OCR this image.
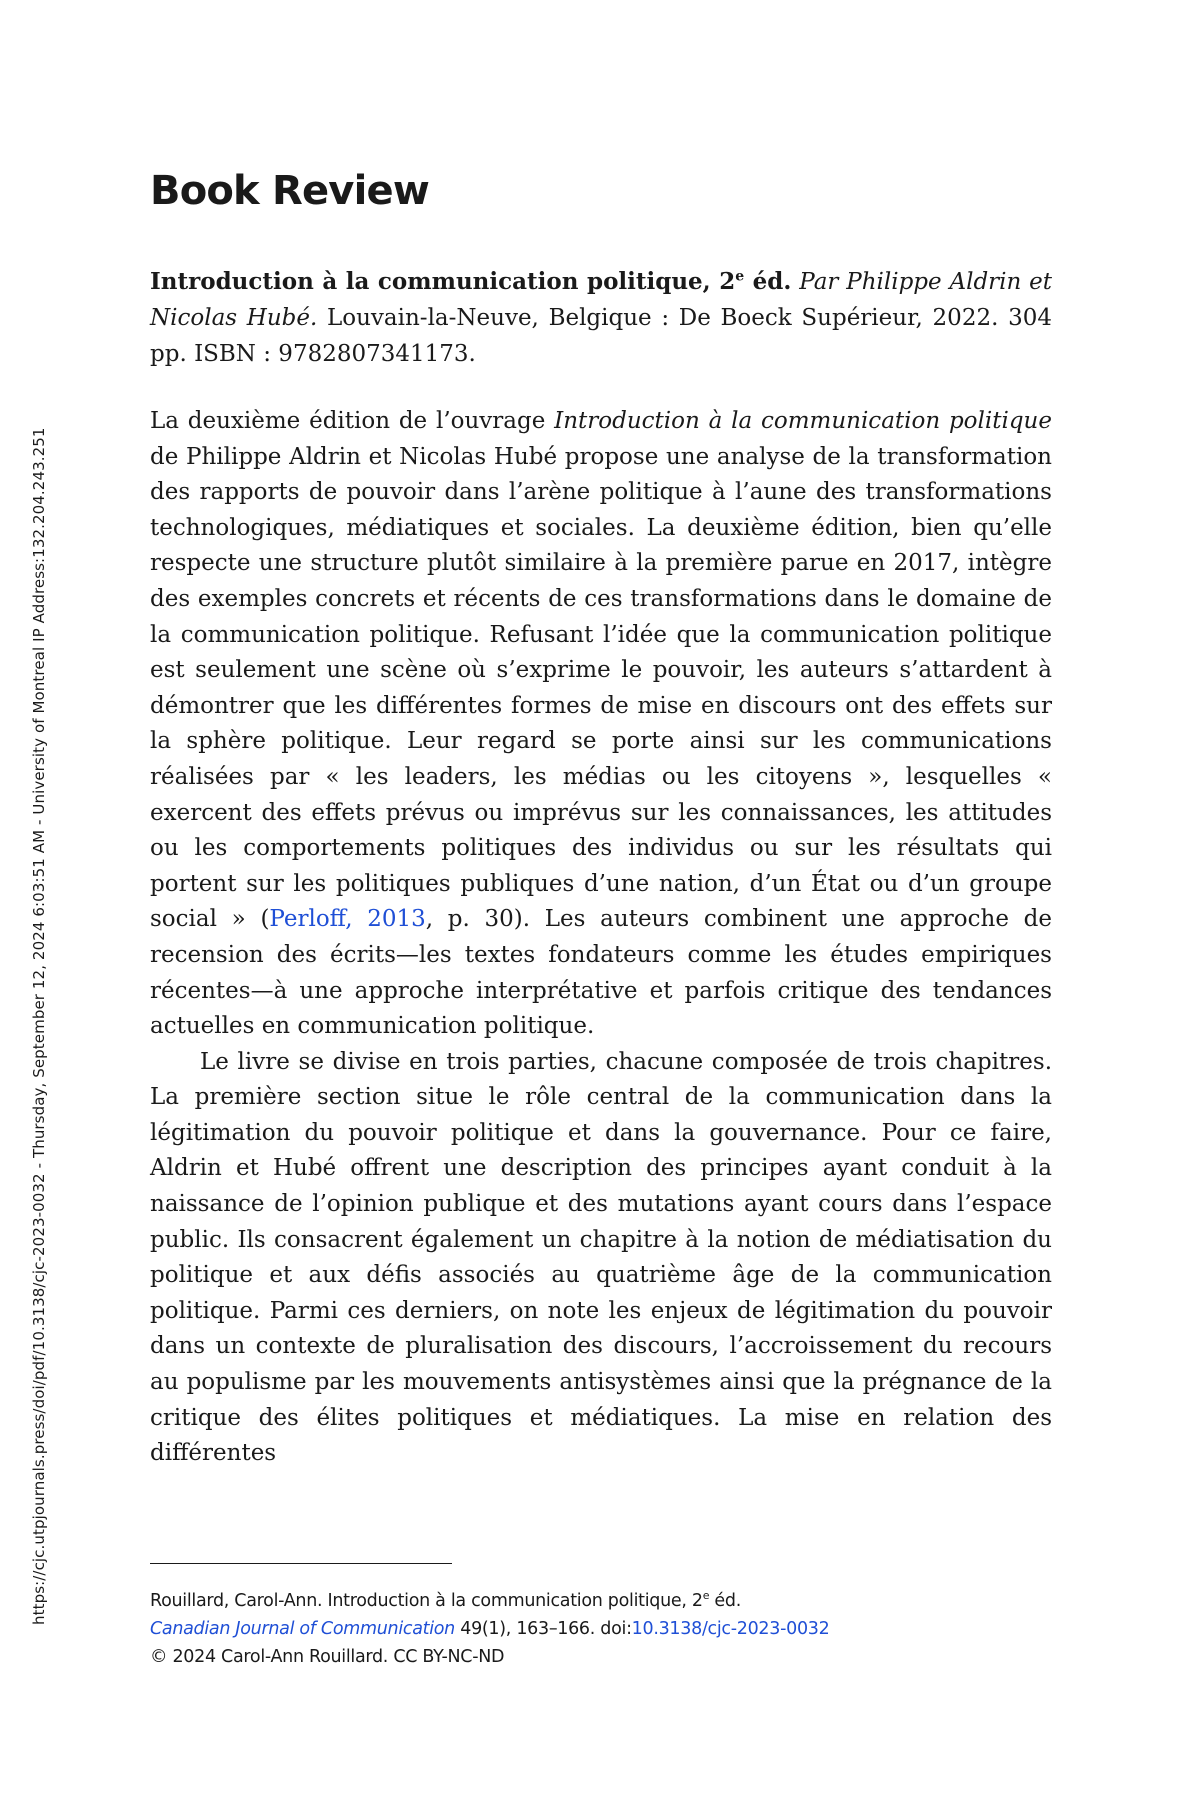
https://cjc.utpjournals.press/doi/pdf/10.3138/cjc-2023-0032 - Thursday, September 12, 2024 6:03:51 AM - University of Montreal IP Address:132.204.243.251
Book Review

Introduction à la communication politique, 2e éd. Par Philippe Aldrin et Nicolas Hubé. Louvain-la-Neuve, Belgique : De Boeck Supérieur, 2022. 304 pp. ISBN : 9782807341173.

La deuxième édition de l’ouvrage Introduction à la communication politique de Philippe Aldrin et Nicolas Hubé propose une analyse de la transformation des rapports de pouvoir dans l’arène politique à l’aune des transformations technologiques, médiatiques et sociales. La deuxième édition, bien qu’elle respecte une structure plutôt similaire à la première parue en 2017, intègre des exemples concrets et récents de ces transformations dans le domaine de la communication politique. Refusant l’idée que la communication politique est seulement une scène où s’exprime le pouvoir, les auteurs s’attardent à démontrer que les différentes formes de mise en discours ont des effets sur la sphère politique. Leur regard se porte ainsi sur les communications réalisées par « les leaders, les médias ou les citoyens », lesquelles « exercent des effets prévus ou imprévus sur les connaissances, les attitudes ou les comportements politiques des individus ou sur les résultats qui portent sur les politiques publiques d’une nation, d’un État ou d’un groupe social » (Perloff, 2013, p. 30). Les auteurs combinent une approche de recension des écrits—les textes fondateurs comme les études empiriques récentes—à une approche interprétative et parfois critique des tendances actuelles en communication politique.

Le livre se divise en trois parties, chacune composée de trois chapitres. La première section situe le rôle central de la communication dans la légitimation du pouvoir politique et dans la gouvernance. Pour ce faire, Aldrin et Hubé offrent une description des principes ayant conduit à la naissance de l’opinion publique et des mutations ayant cours dans l’espace public. Ils consacrent également un chapitre à la notion de médiatisation du politique et aux défis associés au quatrième âge de la communication politique. Parmi ces derniers, on note les enjeux de légitimation du pouvoir dans un contexte de pluralisation des discours, l’accroissement du recours au populisme par les mouvements antisystèmes ainsi que la prégnance de la critique des élites politiques et médiatiques. La mise en relation des différentes

Rouillard, Carol-Ann. Introduction à la communication politique, 2e éd.
Canadian Journal of Communication 49(1), 163–166. doi:10.3138/cjc-2023-0032
© 2024 Carol-Ann Rouillard. CC BY-NC-ND
